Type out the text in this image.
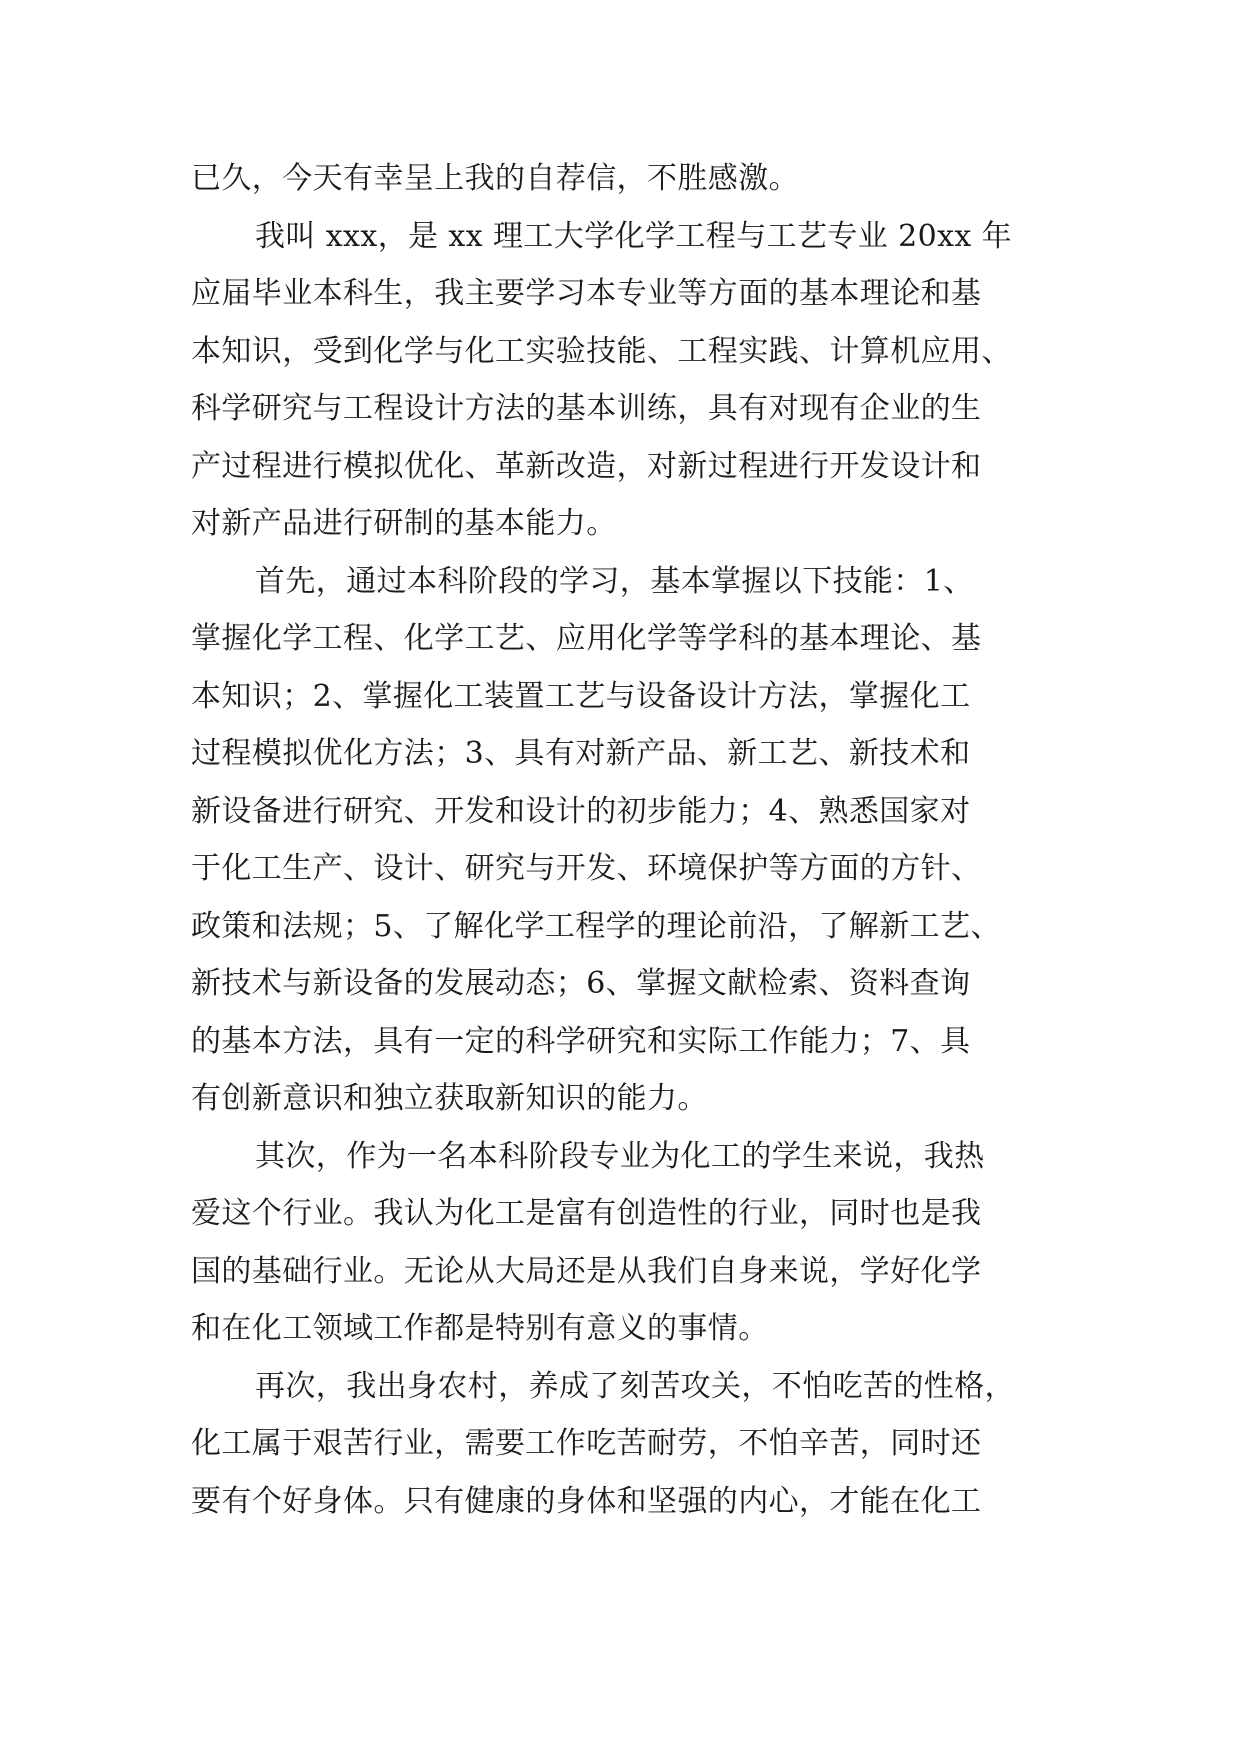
已久，今天有幸呈上我的自荐信，不胜感激。
我叫 xxx，是 xx 理工大学化学工程与工艺专业 20xx 年
应届毕业本科生，我主要学习本专业等方面的基本理论和基
本知识，受到化学与化工实验技能、工程实践、计算机应用、
科学研究与工程设计方法的基本训练，具有对现有企业的生
产过程进行模拟优化、革新改造，对新过程进行开发设计和
对新产品进行研制的基本能力。
首先，通过本科阶段的学习，基本掌握以下技能：1、
掌握化学工程、化学工艺、应用化学等学科的基本理论、基
本知识；2、掌握化工装置工艺与设备设计方法，掌握化工
过程模拟优化方法；3、具有对新产品、新工艺、新技术和
新设备进行研究、开发和设计的初步能力；4、熟悉国家对
于化工生产、设计、研究与开发、环境保护等方面的方针、
政策和法规；5、了解化学工程学的理论前沿，了解新工艺、
新技术与新设备的发展动态；6、掌握文献检索、资料查询
的基本方法，具有一定的科学研究和实际工作能力；7、具
有创新意识和独立获取新知识的能力。
其次，作为一名本科阶段专业为化工的学生来说，我热
爱这个行业。我认为化工是富有创造性的行业，同时也是我
国的基础行业。无论从大局还是从我们自身来说，学好化学
和在化工领域工作都是特别有意义的事情。
再次，我出身农村，养成了刻苦攻关，不怕吃苦的性格，
化工属于艰苦行业，需要工作吃苦耐劳，不怕辛苦，同时还
要有个好身体。只有健康的身体和坚强的内心，才能在化工
